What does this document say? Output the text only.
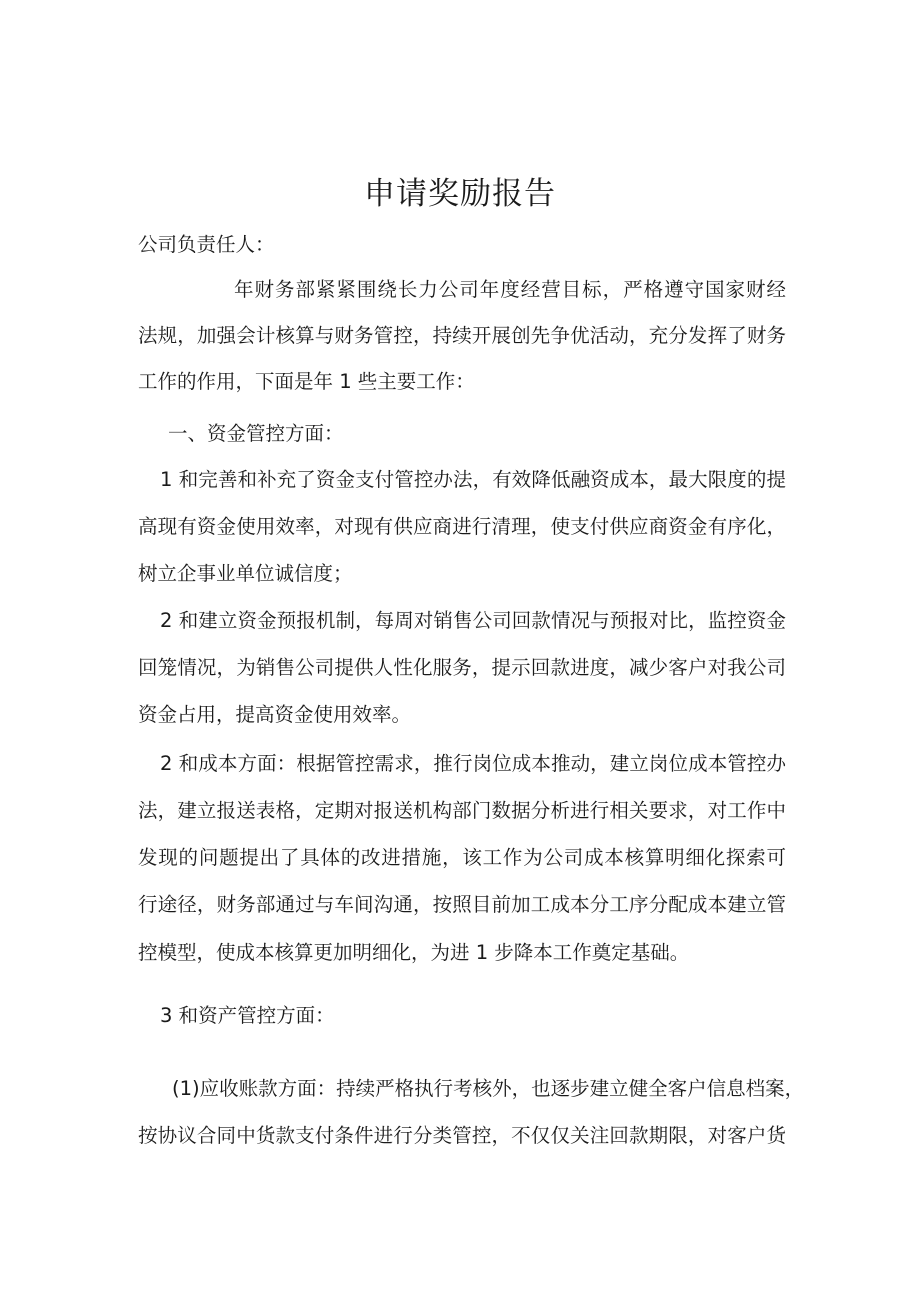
申请奖励报告
公司负责任人：
年财务部紧紧围绕长力公司年度经营目标，严格遵守国家财经
法规，加强会计核算与财务管控，持续开展创先争优活动，充分发挥了财务
工作的作用，下面是年 1 些主要工作：
一、资金管控方面：
1 和完善和补充了资金支付管控办法，有效降低融资成本，最大限度的提
高现有资金使用效率，对现有供应商进行清理，使支付供应商资金有序化，
树立企事业单位诚信度；
2 和建立资金预报机制，每周对销售公司回款情况与预报对比，监控资金
回笼情况，为销售公司提供人性化服务，提示回款进度，减少客户对我公司
资金占用，提高资金使用效率。
2 和成本方面：根据管控需求，推行岗位成本推动，建立岗位成本管控办
法，建立报送表格，定期对报送机构部门数据分析进行相关要求，对工作中
发现的问题提出了具体的改进措施，该工作为公司成本核算明细化探索可
行途径，财务部通过与车间沟通，按照目前加工成本分工序分配成本建立管
控模型，使成本核算更加明细化，为进 1 步降本工作奠定基础。
3 和资产管控方面：
(1)应收账款方面：持续严格执行考核外，也逐步建立健全客户信息档案，
按协议合同中货款支付条件进行分类管控，不仅仅关注回款期限，对客户货
